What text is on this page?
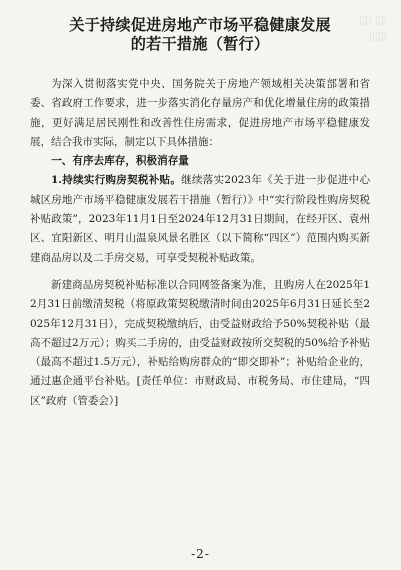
▯▯ ▯▯
▯▯▯
关于持续促进房地产市场平稳健康发展
的若干措施（暂行）

为深入贯彻落实党中央、国务院关于房地产领域相关决策部署和省委、省政府工作要求，进一步落实消化存量房产和优化增量住房的政策措施，更好满足居民刚性和改善性住房需求，促进房地产市场平稳健康发展，结合我市实际，制定以下具体措施：

一、有序去库存，积极消存量

1.持续实行购房契税补贴。继续落实2023年《关于进一步促进中心城区房地产市场平稳健康发展若干措施（暂行）》中“实行阶段性购房契税补贴政策”，2023年11月1日至2024年12月31日期间，在经开区、袁州区、宜阳新区、明月山温泉风景名胜区（以下简称“四区”）范围内购买新建商品房以及二手房交易，可享受契税补贴政策。

新建商品房契税补贴标准以合同网签备案为准，且购房人在2025年12月31日前缴清契税（将原政策契税缴清时间由2025年6月31日延长至2025年12月31日），完成契税缴纳后，由受益财政给予50%契税补贴（最高不超过2万元）；购买二手房的，由受益财政按所交契税的50%给予补贴（最高不超过1.5万元），补贴给购房群众的“即交即补”；补贴给企业的，通过惠企通平台补贴。[责任单位：市财政局、市税务局、市住建局，“四区”政府（管委会）]

-2-
